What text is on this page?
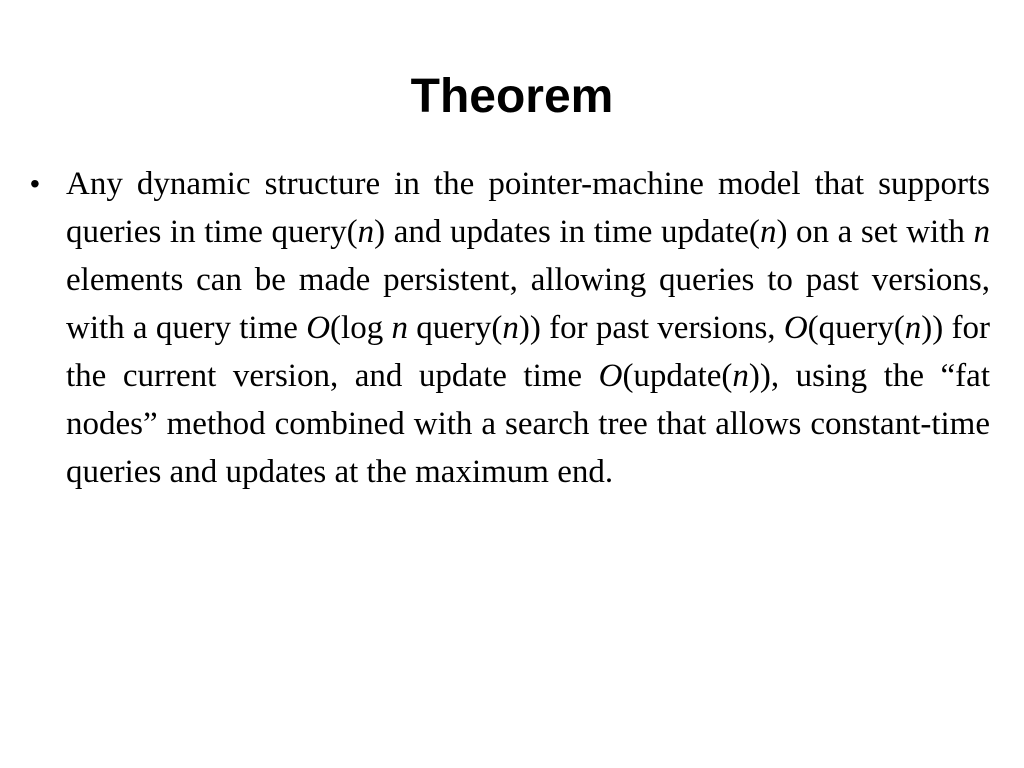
Theorem
• Any dynamic structure in the pointer-machine model that supports queries in time query(n) and updates in time update(n) on a set with n elements can be made persistent, allowing queries to past versions, with a query time O(log n query(n)) for past versions, O(query(n)) for the current version, and update time O(update(n)), using the “fat nodes” method combined with a search tree that allows constant-time queries and updates at the maximum end.
